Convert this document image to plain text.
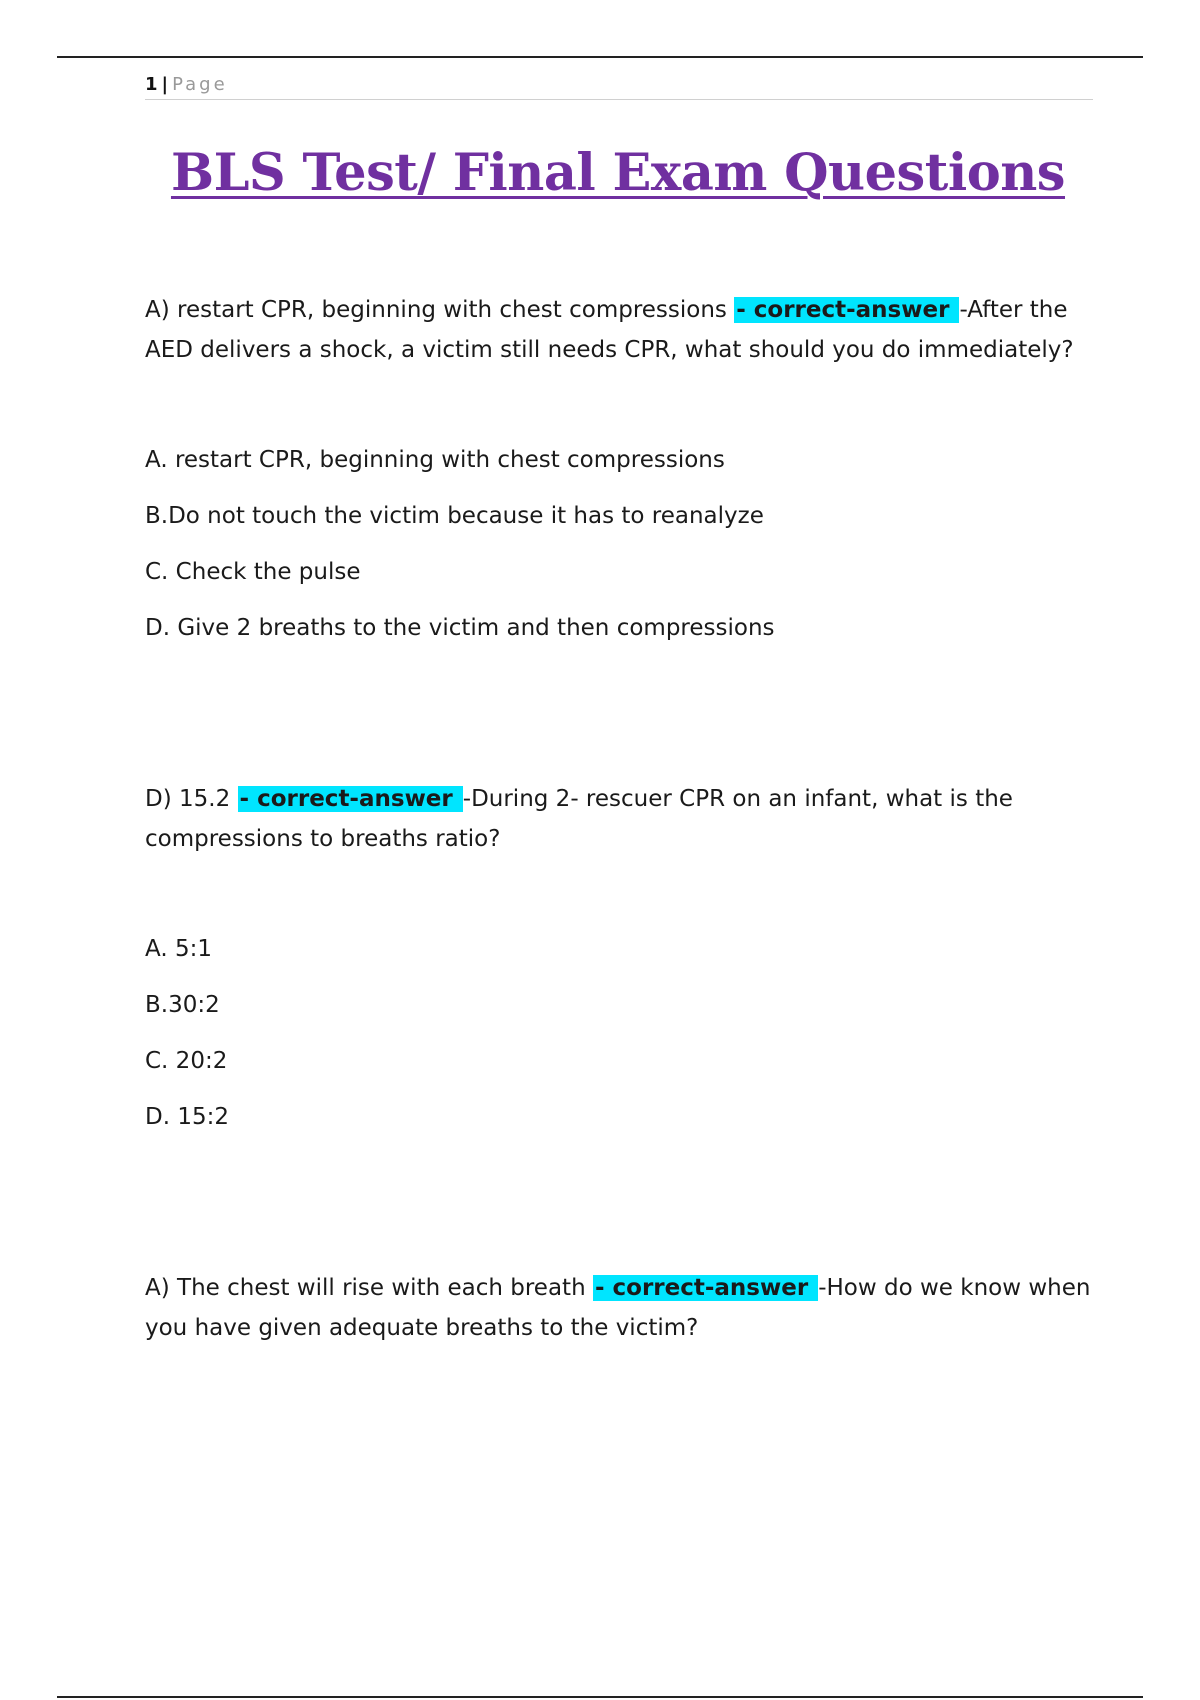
1 | Page
BLS Test/ Final Exam Questions

A) restart CPR, beginning with chest compressions - correct-answer -After the AED delivers a shock, a victim still needs CPR, what should you do immediately?

A. restart CPR, beginning with chest compressions
B.Do not touch the victim because it has to reanalyze
C. Check the pulse
D. Give 2 breaths to the victim and then compressions

D) 15.2 - correct-answer -During 2- rescuer CPR on an infant, what is the compressions to breaths ratio?

A. 5:1
B.30:2
C. 20:2
D. 15:2

A) The chest will rise with each breath - correct-answer -How do we know when you have given adequate breaths to the victim?
